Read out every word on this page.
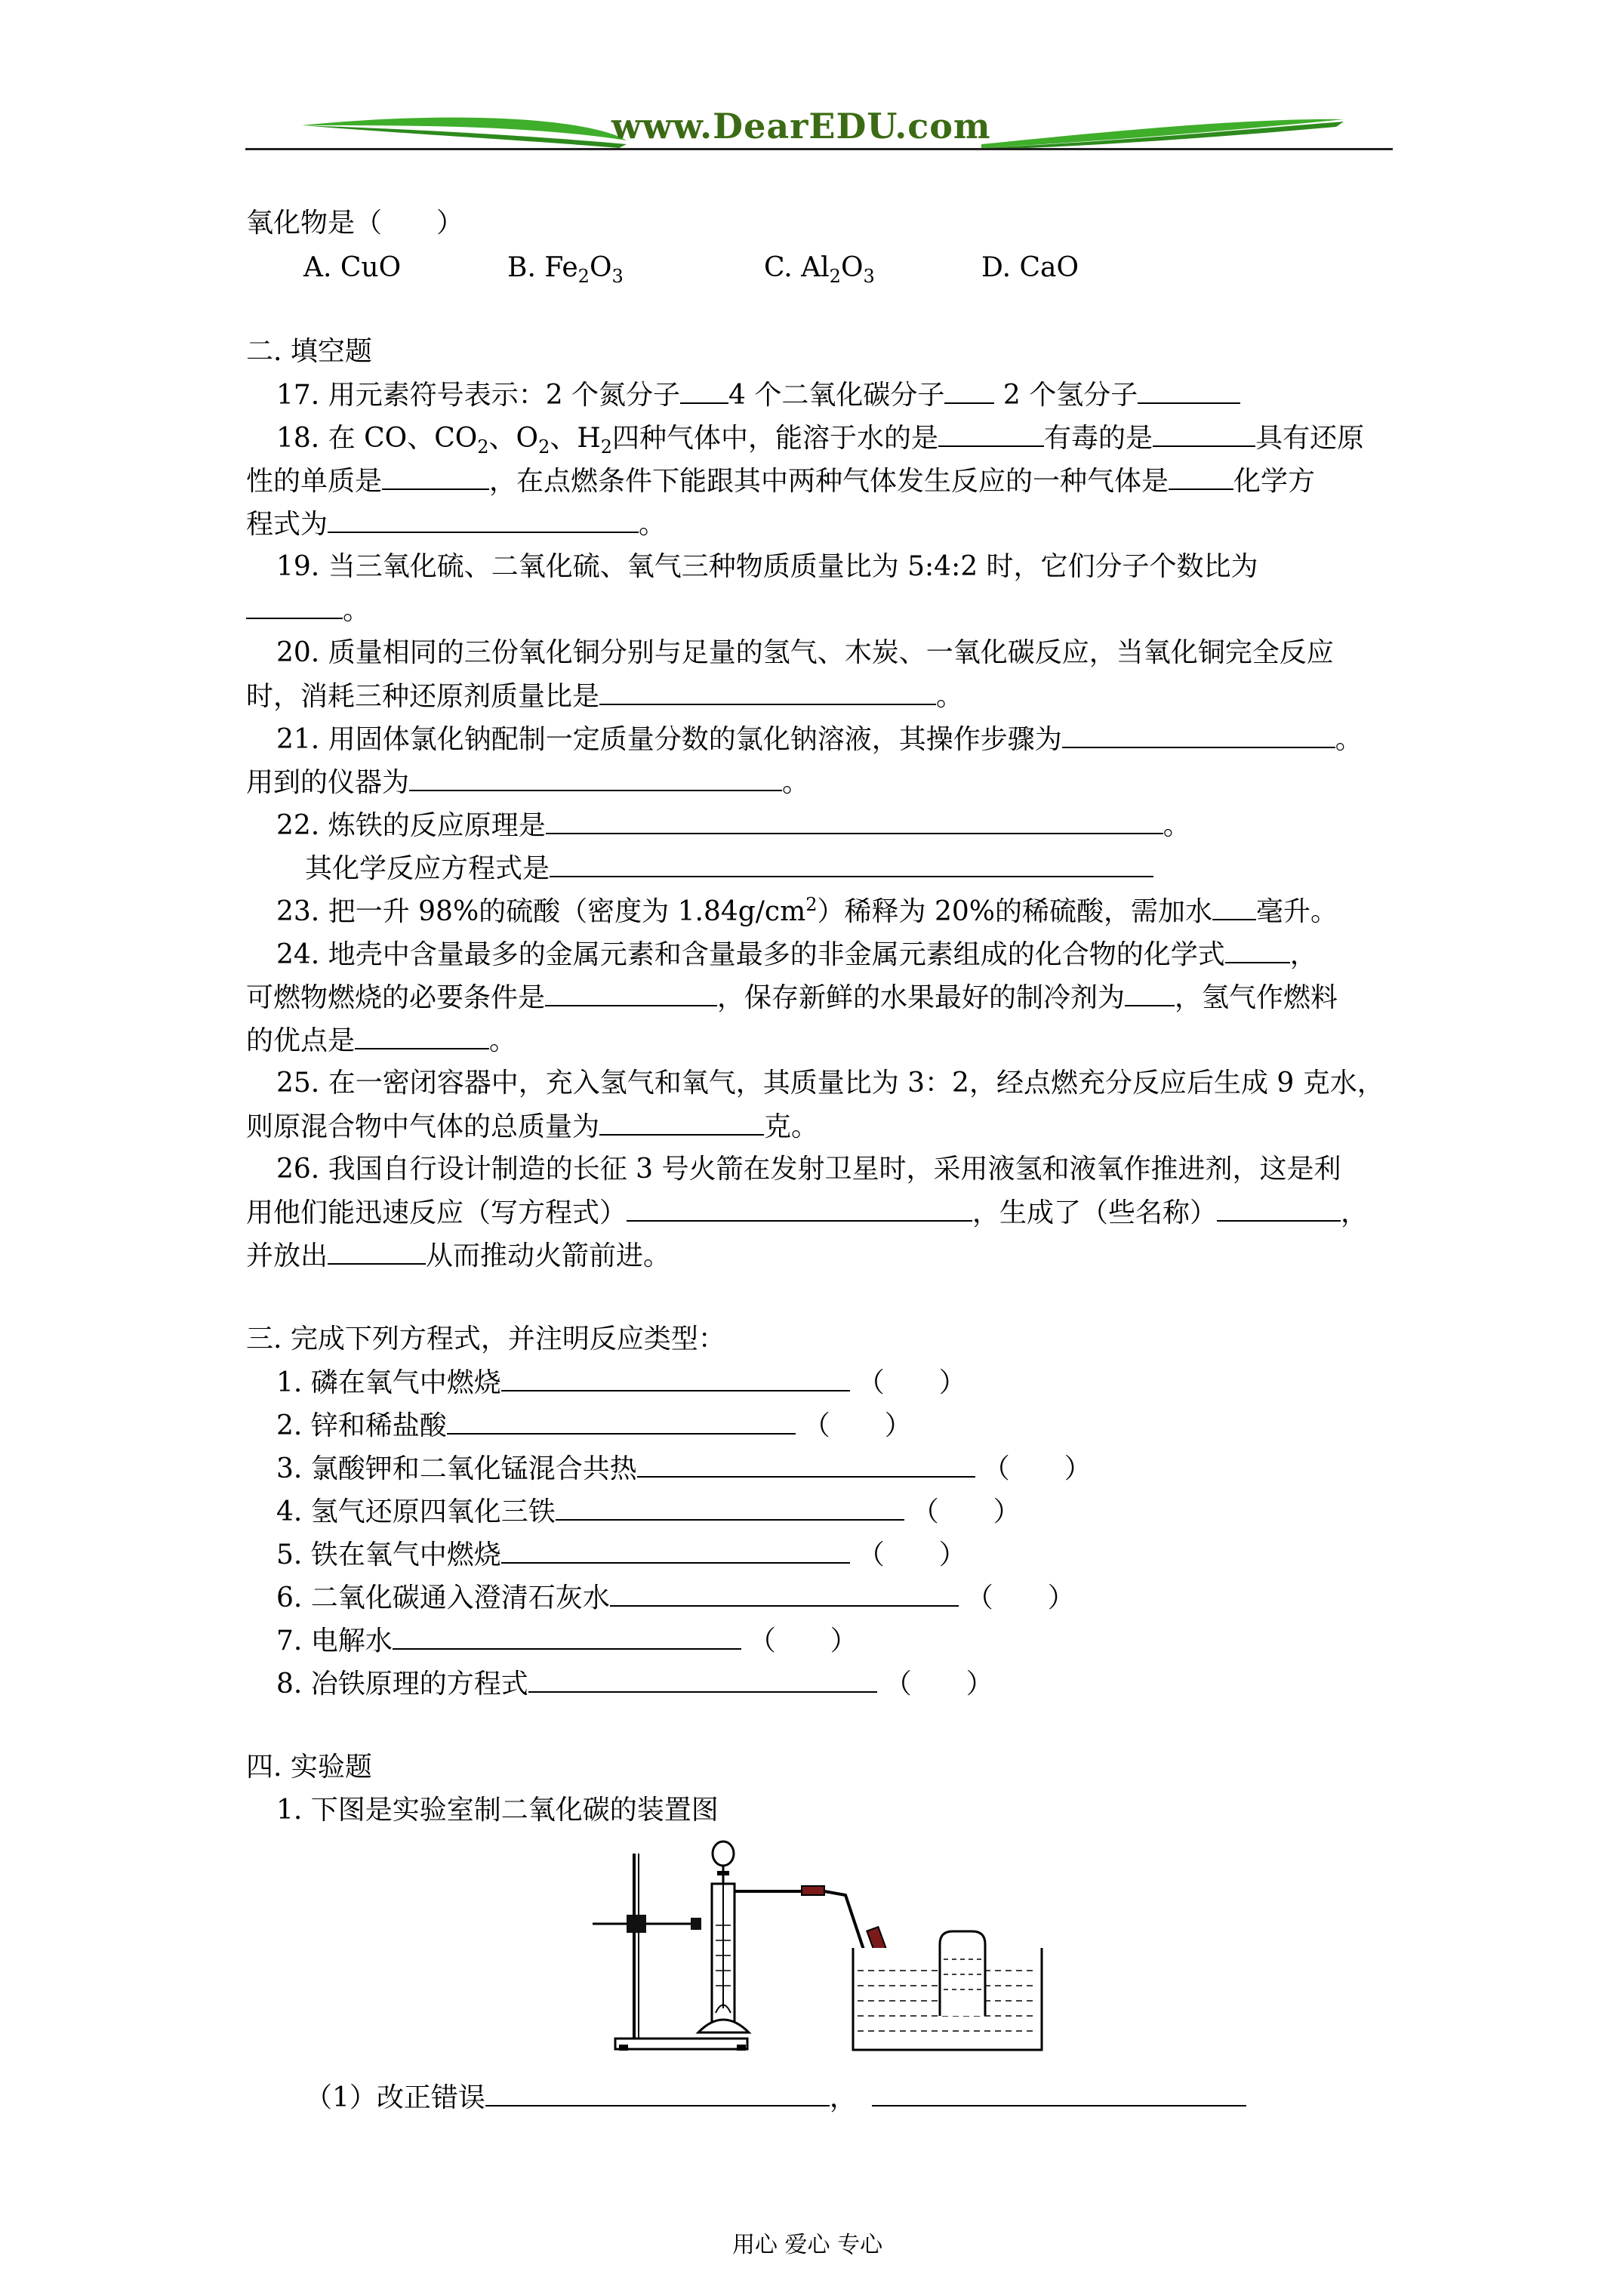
www.DearEDU.com
氧化物是（　　）
A. CuO	B. $Fe_2O_3$	C. $Al_2O_3$	D. CaO
二. 填空题
17. 用元素符号表示：2 个氮分子 4 个二氧化碳分子 2 个氢分子
18. 在 CO、$CO_2$、$O_2$、$H_2$四种气体中，能溶于水的是	有毒的是	具有还原
性的单质是	，在点燃条件下能跟其中两种气体发生反应的一种气体是 化学方
程式为	。
19. 当三氧化硫、二氧化硫、氧气三种物质质量比为 5:4:2 时，它们分子个数比为
。
20. 质量相同的三份氧化铜分别与足量的氢气、木炭、一氧化碳反应，当氧化铜完全反应
时，消耗三种还原剂质量比是	。
21. 用固体氯化钠配制一定质量分数的氯化钠溶液，其操作步骤为	。
用到的仪器为	。
22. 炼铁的反应原理是	。
其化学反应方程式是
23. 把一升 98%的硫酸（密度为 $1.84g/cm^2$）稀释为 20%的稀硫酸，需加水 毫升。
24. 地壳中含量最多的金属元素和含量最多的非金属元素组成的化合物的化学式 ，
可燃物燃烧的必要条件是	，保存新鲜的水果最好的制冷剂为 ，氢气作燃料
的优点是	。
25. 在一密闭容器中，充入氢气和氧气，其质量比为 3：2，经点燃充分反应后生成 9 克水，
则原混合物中气体的总质量为	克。
26. 我国自行设计制造的长征 3 号火箭在发射卫星时，采用液氢和液氧作推进剂，这是利
用他们能迅速反应（写方程式）	，生成了（些名称）	，
并放出	从而推动火箭前进。
三. 完成下列方程式，并注明反应类型：
1. 磷在氧气中燃烧	（　　）
2. 锌和稀盐酸	（　　）
3. 氯酸钾和二氧化锰混合共热	（　　）
4. 氢气还原四氧化三铁	（　　）
5. 铁在氧气中燃烧	（　　）
6. 二氧化碳通入澄清石灰水	（　　）
7. 电解水	（　　）
8. 冶铁原理的方程式	（　　）
四. 实验题
1. 下图是实验室制二氧化碳的装置图
（1）改正错误	，
用心 爱心 专心
